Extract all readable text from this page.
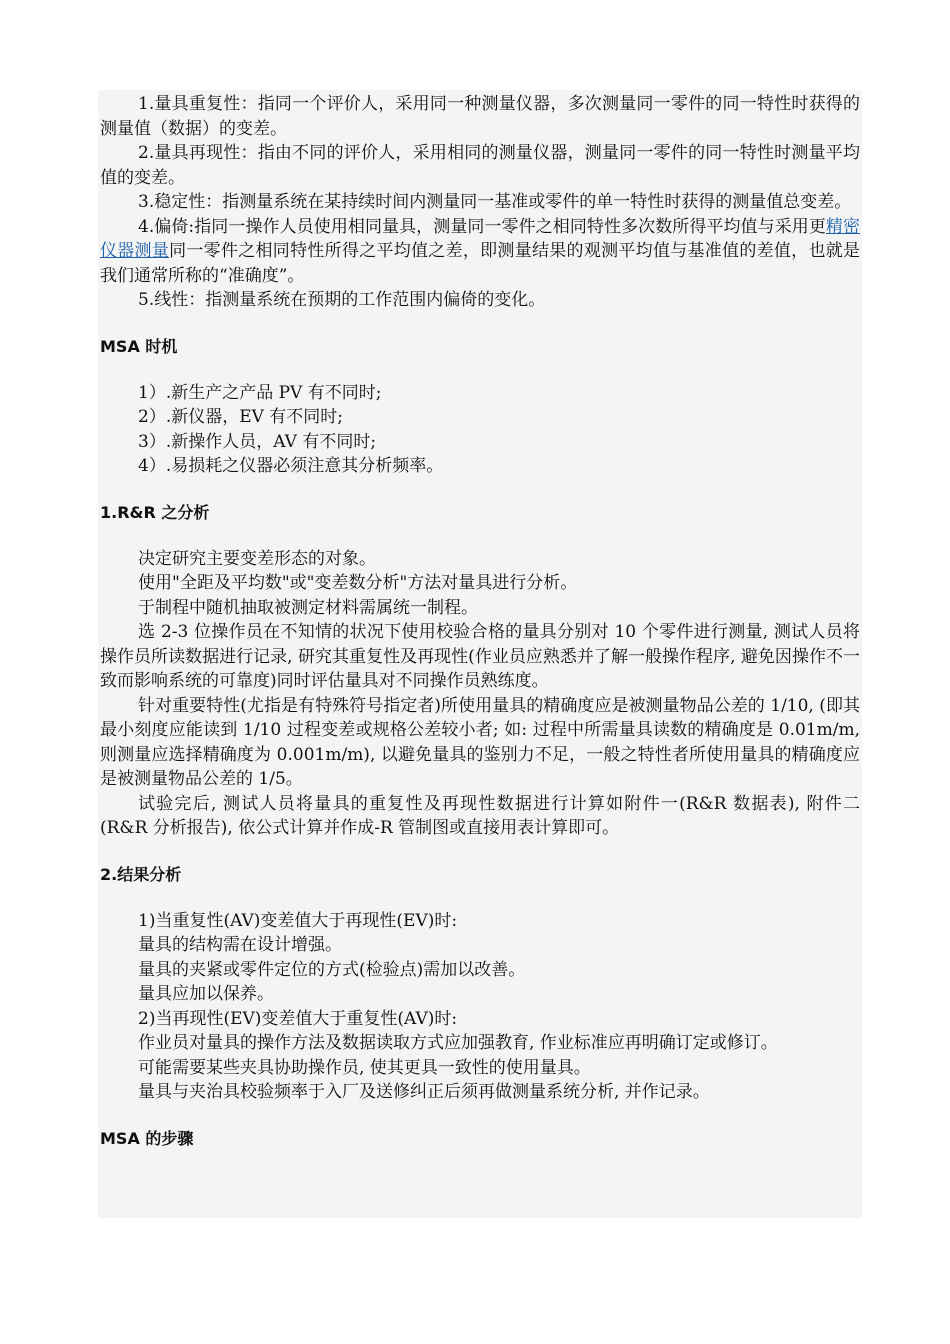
1.量具重复性：指同一个评价人，采用同一种测量仪器，多次测量同一零件的同一特性时获得的测量值（数据）的变差。

2.量具再现性：指由不同的评价人，采用相同的测量仪器，测量同一零件的同一特性时测量平均值的变差。

3.稳定性：指测量系统在某持续时间内测量同一基准或零件的单一特性时获得的测量值总变差。

4.偏倚:指同一操作人员使用相同量具，测量同一零件之相同特性多次数所得平均值与采用更精密仪器测量同一零件之相同特性所得之平均值之差，即测量结果的观测平均值与基准值的差值，也就是我们通常所称的“准确度”。

5.线性：指测量系统在预期的工作范围内偏倚的变化。

MSA 时机

1）.新生产之产品 PV 有不同时;

2）.新仪器，EV 有不同时;

3）.新操作人员，AV 有不同时;

4）.易损耗之仪器必须注意其分析频率。

1.R&R 之分析

决定研究主要变差形态的对象。

使用"全距及平均数"或"变差数分析"方法对量具进行分析。

于制程中随机抽取被测定材料需属统一制程。

选 2-3 位操作员在不知情的状况下使用校验合格的量具分别对 10 个零件进行测量, 测试人员将操作员所读数据进行记录, 研究其重复性及再现性(作业员应熟悉并了解一般操作程序, 避免因操作不一致而影响系统的可靠度)同时评估量具对不同操作员熟练度。

针对重要特性(尤指是有特殊符号指定者)所使用量具的精确度应是被测量物品公差的 1/10, (即其最小刻度应能读到 1/10 过程变差或规格公差较小者; 如: 过程中所需量具读数的精确度是 0.01m/m, 则测量应选择精确度为 0.001m/m), 以避免量具的鉴别力不足，一般之特性者所使用量具的精确度应是被测量物品公差的 1/5。

试验完后, 测试人员将量具的重复性及再现性数据进行计算如附件一(R&R 数据表), 附件二(R&R 分析报告), 依公式计算并作成-R 管制图或直接用表计算即可。

2.结果分析

1)当重复性(AV)变差值大于再现性(EV)时:

量具的结构需在设计增强。

量具的夹紧或零件定位的方式(检验点)需加以改善。

量具应加以保养。

2)当再现性(EV)变差值大于重复性(AV)时:

作业员对量具的操作方法及数据读取方式应加强教育, 作业标准应再明确订定或修订。

可能需要某些夹具协助操作员, 使其更具一致性的使用量具。

量具与夹治具校验频率于入厂及送修纠正后须再做测量系统分析, 并作记录。

MSA 的步骤
